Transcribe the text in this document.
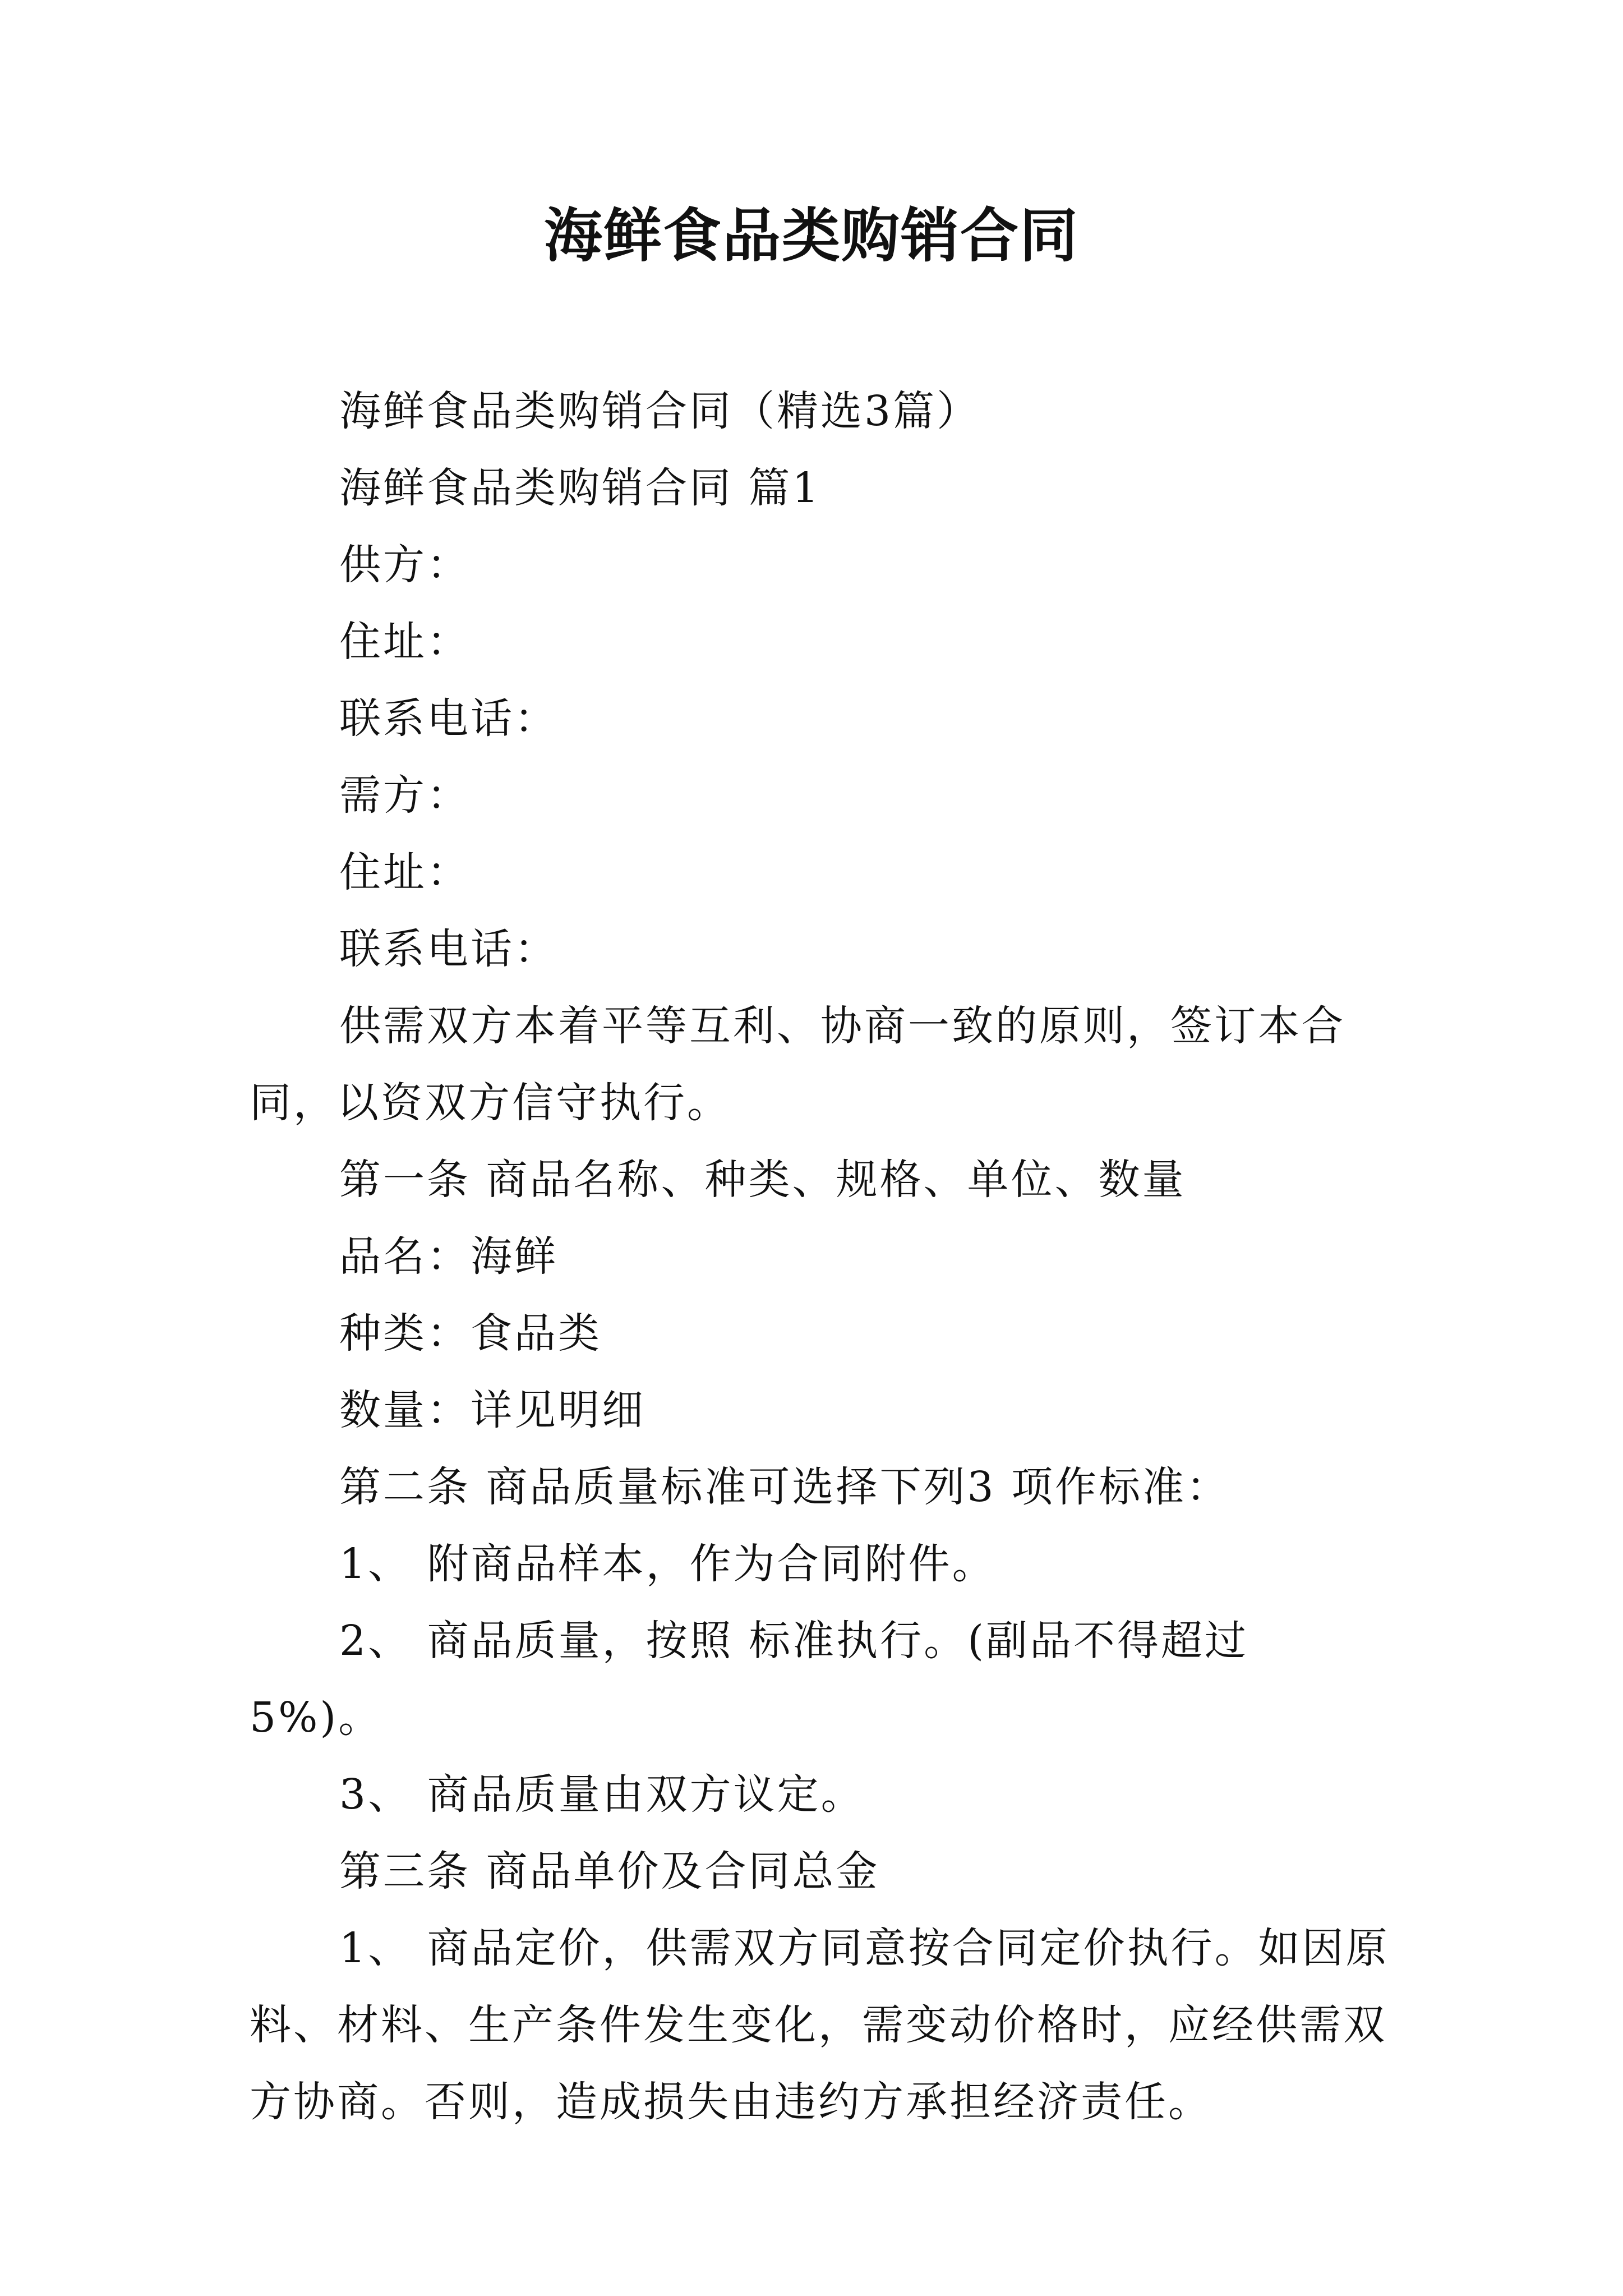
海鲜食品类购销合同
海鲜食品类购销合同（精选3篇）
海鲜食品类购销合同 篇1
供方：
住址：
联系电话：
需方：
住址：
联系电话：
供需双方本着平等互利、协商一致的原则，签订本合同，以资双方信守执行。
第一条 商品名称、种类、规格、单位、数量
品名：海鲜
种类：食品类
数量：详见明细
第二条 商品质量标准可选择下列3 项作标准：
1、 附商品样本，作为合同附件。
2、 商品质量，按照 标准执行。(副品不得超过 5%)。
3、 商品质量由双方议定。
第三条 商品单价及合同总金
1、 商品定价，供需双方同意按合同定价执行。如因原料、材料、生产条件发生变化，需变动价格时，应经供需双方协商。否则，造成损失由违约方承担经济责任。
